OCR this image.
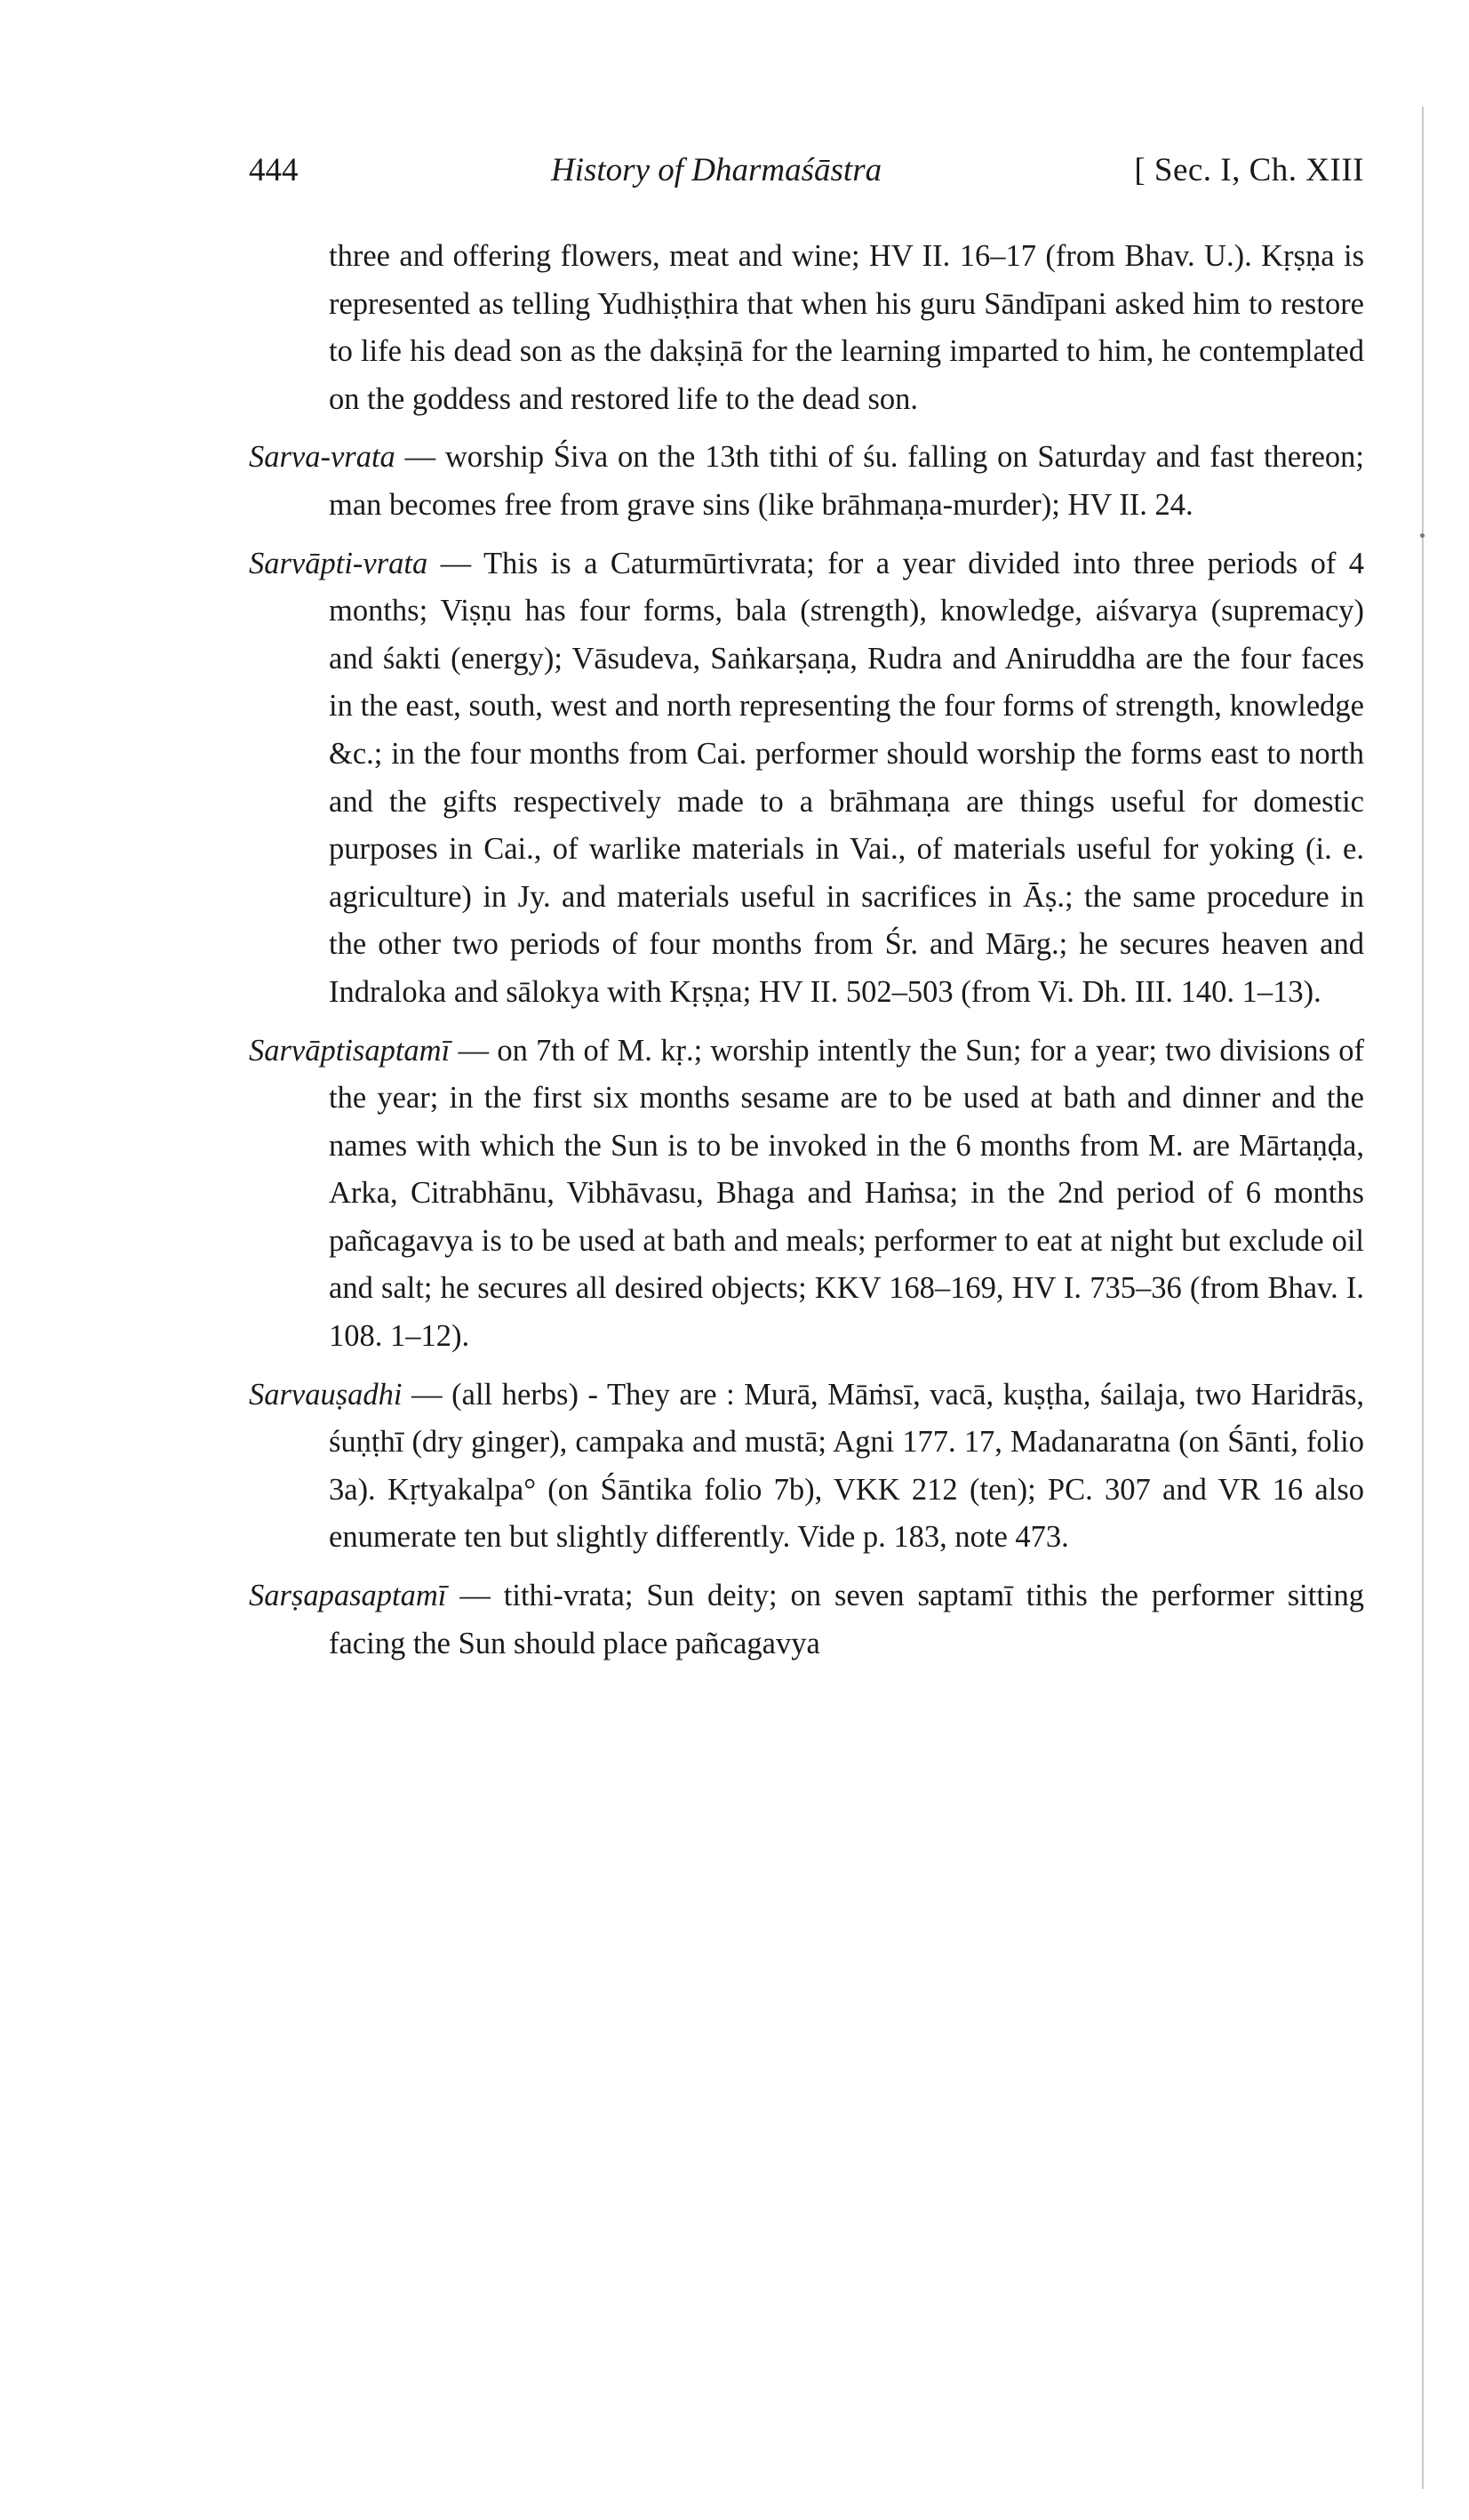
444	History of Dharmaśāstra	[ Sec. I, Ch. XIII

three and offering flowers, meat and wine; HV II. 16–17 (from Bhav. U.). Kṛṣṇa is represented as telling Yudhiṣṭhira that when his guru Sāndīpani asked him to restore to life his dead son as the dakṣiṇā for the learning imparted to him, he contemplated on the goddess and restored life to the dead son.

Sarva-vrata — worship Śiva on the 13th tithi of śu. falling on Saturday and fast thereon; man becomes free from grave sins (like brāhmaṇa-murder); HV II. 24.

Sarvāpti-vrata — This is a Caturmūrtivrata; for a year divided into three periods of 4 months; Viṣṇu has four forms, bala (strength), knowledge, aiśvarya (supremacy) and śakti (energy); Vāsudeva, Saṅkarṣaṇa, Rudra and Aniruddha are the four faces in the east, south, west and north representing the four forms of strength, knowledge &c.; in the four months from Cai. performer should worship the forms east to north and the gifts respectively made to a brāhmaṇa are things useful for domestic purposes in Cai., of warlike materials in Vai., of materials useful for yoking (i. e. agriculture) in Jy. and materials useful in sacrifices in Āṣ.; the same procedure in the other two periods of four months from Śr. and Mārg.; he secures heaven and Indraloka and sālokya with Kṛṣṇa; HV II. 502–503 (from Vi. Dh. III. 140. 1–13).

Sarvāptisaptamī — on 7th of M. kṛ.; worship intently the Sun; for a year; two divisions of the year; in the first six months sesame are to be used at bath and dinner and the names with which the Sun is to be invoked in the 6 months from M. are Mārtaṇḍa, Arka, Citrabhānu, Vibhāvasu, Bhaga and Haṁsa; in the 2nd period of 6 months pañcagavya is to be used at bath and meals; performer to eat at night but exclude oil and salt; he secures all desired objects; KKV 168–169, HV I. 735–36 (from Bhav. I. 108. 1–12).

Sarvauṣadhi — (all herbs) - They are : Murā, Māṁsī, vacā, kuṣṭha, śailaja, two Haridrās, śuṇṭhī (dry ginger), campaka and mustā; Agni 177. 17, Madanaratna (on Śānti, folio 3a). Kṛtyakalpa° (on Śāntika folio 7b), VKK 212 (ten); PC. 307 and VR 16 also enumerate ten but slightly differently. Vide p. 183, note 473.

Sarṣapasaptamī — tithi-vrata; Sun deity; on seven saptamī tithis the performer sitting facing the Sun should place pañcagavya
